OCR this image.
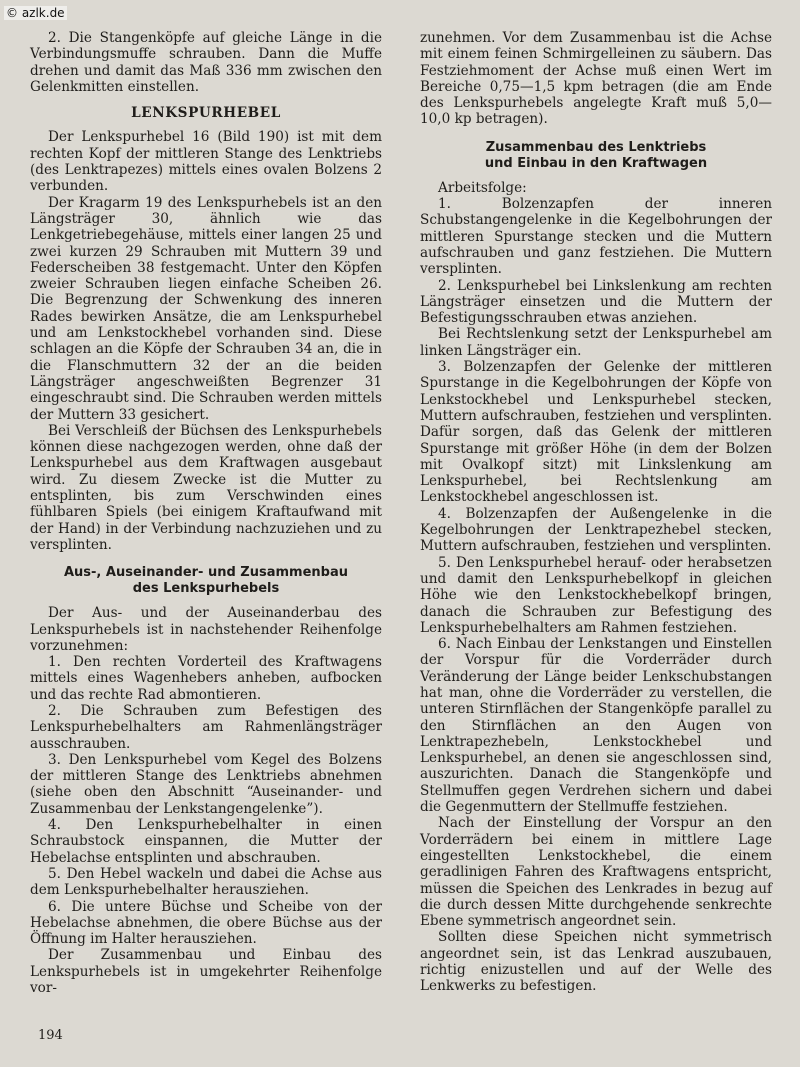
© azlk.de

2. Die Stangenköpfe auf gleiche Länge in die Verbindungsmuffe schrauben. Dann die Muffe drehen und damit das Maß 336 mm zwischen den Gelenkmitten einstellen.

LENKSPURHEBEL

Der Lenkspurhebel 16 (Bild 190) ist mit dem rechten Kopf der mittleren Stange des Lenktriebs (des Lenktrapezes) mittels eines ovalen Bolzens 2 verbunden.

Der Kragarm 19 des Lenkspurhebels ist an den Längsträger 30, ähnlich wie das Lenkgetriebegehäuse, mittels einer langen 25 und zwei kurzen 29 Schrauben mit Muttern 39 und Federscheiben 38 festgemacht. Unter den Köpfen zweier Schrauben liegen einfache Scheiben 26. Die Begrenzung der Schwenkung des inneren Rades bewirken Ansätze, die am Lenkspurhebel und am Lenkstockhebel vorhanden sind. Diese schlagen an die Köpfe der Schrauben 34 an, die in die Flanschmuttern 32 der an die beiden Längsträger angeschweißten Begrenzer 31 eingeschraubt sind. Die Schrauben werden mittels der Muttern 33 gesichert.

Bei Verschleiß der Büchsen des Lenkspurhebels können diese nachgezogen werden, ohne daß der Lenkspurhebel aus dem Kraftwagen ausgebaut wird. Zu diesem Zwecke ist die Mutter zu entsplinten, bis zum Verschwinden eines fühlbaren Spiels (bei einigem Kraftaufwand mit der Hand) in der Verbindung nachzuziehen und zu versplinten.

Aus-, Auseinander- und Zusammenbau
des Lenkspurhebels

Der Aus- und der Auseinanderbau des Lenkspurhebels ist in nachstehender Reihenfolge vorzunehmen:

1. Den rechten Vorderteil des Kraftwagens mittels eines Wagenhebers anheben, aufbocken und das rechte Rad abmontieren.

2. Die Schrauben zum Befestigen des Lenkspurhebelhalters am Rahmenlängsträger ausschrauben.

3. Den Lenkspurhebel vom Kegel des Bolzens der mittleren Stange des Lenktriebs abnehmen (siehe oben den Abschnitt “Auseinander- und Zusammenbau der Lenkstangengelenke”).

4. Den Lenkspurhebelhalter in einen Schraubstock einspannen, die Mutter der Hebelachse entsplinten und abschrauben.

5. Den Hebel wackeln und dabei die Achse aus dem Lenkspurhebelhalter herausziehen.

6. Die untere Büchse und Scheibe von der Hebelachse abnehmen, die obere Büchse aus der Öffnung im Halter herausziehen.

Der Zusammenbau und Einbau des Lenkspurhebels ist in umgekehrter Reihenfolge vor-

zunehmen. Vor dem Zusammenbau ist die Achse mit einem feinen Schmirgelleinen zu säubern. Das Festziehmoment der Achse muß einen Wert im Bereiche 0,75—1,5 kpm betragen (die am Ende des Lenkspurhebels angelegte Kraft muß 5,0—10,0 kp betragen).

Zusammenbau des Lenktriebs
und Einbau in den Kraftwagen

Arbeitsfolge:

1. Bolzenzapfen der inneren Schubstangengelenke in die Kegelbohrungen der mittleren Spurstange stecken und die Muttern aufschrauben und ganz festziehen. Die Muttern versplinten.

2. Lenkspurhebel bei Linkslenkung am rechten Längsträger einsetzen und die Muttern der Befestigungsschrauben etwas anziehen.

Bei Rechtslenkung setzt der Lenkspurhebel am linken Längsträger ein.

3. Bolzenzapfen der Gelenke der mittleren Spurstange in die Kegelbohrungen der Köpfe von Lenkstockhebel und Lenkspurhebel stecken, Muttern aufschrauben, festziehen und versplinten. Dafür sorgen, daß das Gelenk der mittleren Spurstange mit größer Höhe (in dem der Bolzen mit Ovalkopf sitzt) mit Linkslenkung am Lenkspurhebel, bei Rechtslenkung am Lenkstockhebel angeschlossen ist.

4. Bolzenzapfen der Außengelenke in die Kegelbohrungen der Lenktrapezhebel stecken, Muttern aufschrauben, festziehen und versplinten.

5. Den Lenkspurhebel herauf- oder herabsetzen und damit den Lenkspurhebelkopf in gleichen Höhe wie den Lenkstockhebelkopf bringen, danach die Schrauben zur Befestigung des Lenkspurhebelhalters am Rahmen festziehen.

6. Nach Einbau der Lenkstangen und Einstellen der Vorspur für die Vorderräder durch Veränderung der Länge beider Lenkschubstangen hat man, ohne die Vorderräder zu verstellen, die unteren Stirnflächen der Stangenköpfe parallel zu den Stirnflächen an den Augen von Lenktrapezhebeln, Lenkstockhebel und Lenkspurhebel, an denen sie angeschlossen sind, auszurichten. Danach die Stangenköpfe und Stellmuffen gegen Verdrehen sichern und dabei die Gegenmuttern der Stellmuffe festziehen.

Nach der Einstellung der Vorspur an den Vorderrädern bei einem in mittlere Lage eingestellten Lenkstockhebel, die einem geradlinigen Fahren des Kraftwagens entspricht, müssen die Speichen des Lenkrades in bezug auf die durch dessen Mitte durchgehende senkrechte Ebene symmetrisch angeordnet sein.

Sollten diese Speichen nicht symmetrisch angeordnet sein, ist das Lenkrad auszubauen, richtig enizustellen und auf der Welle des Lenkwerks zu befestigen.

194
